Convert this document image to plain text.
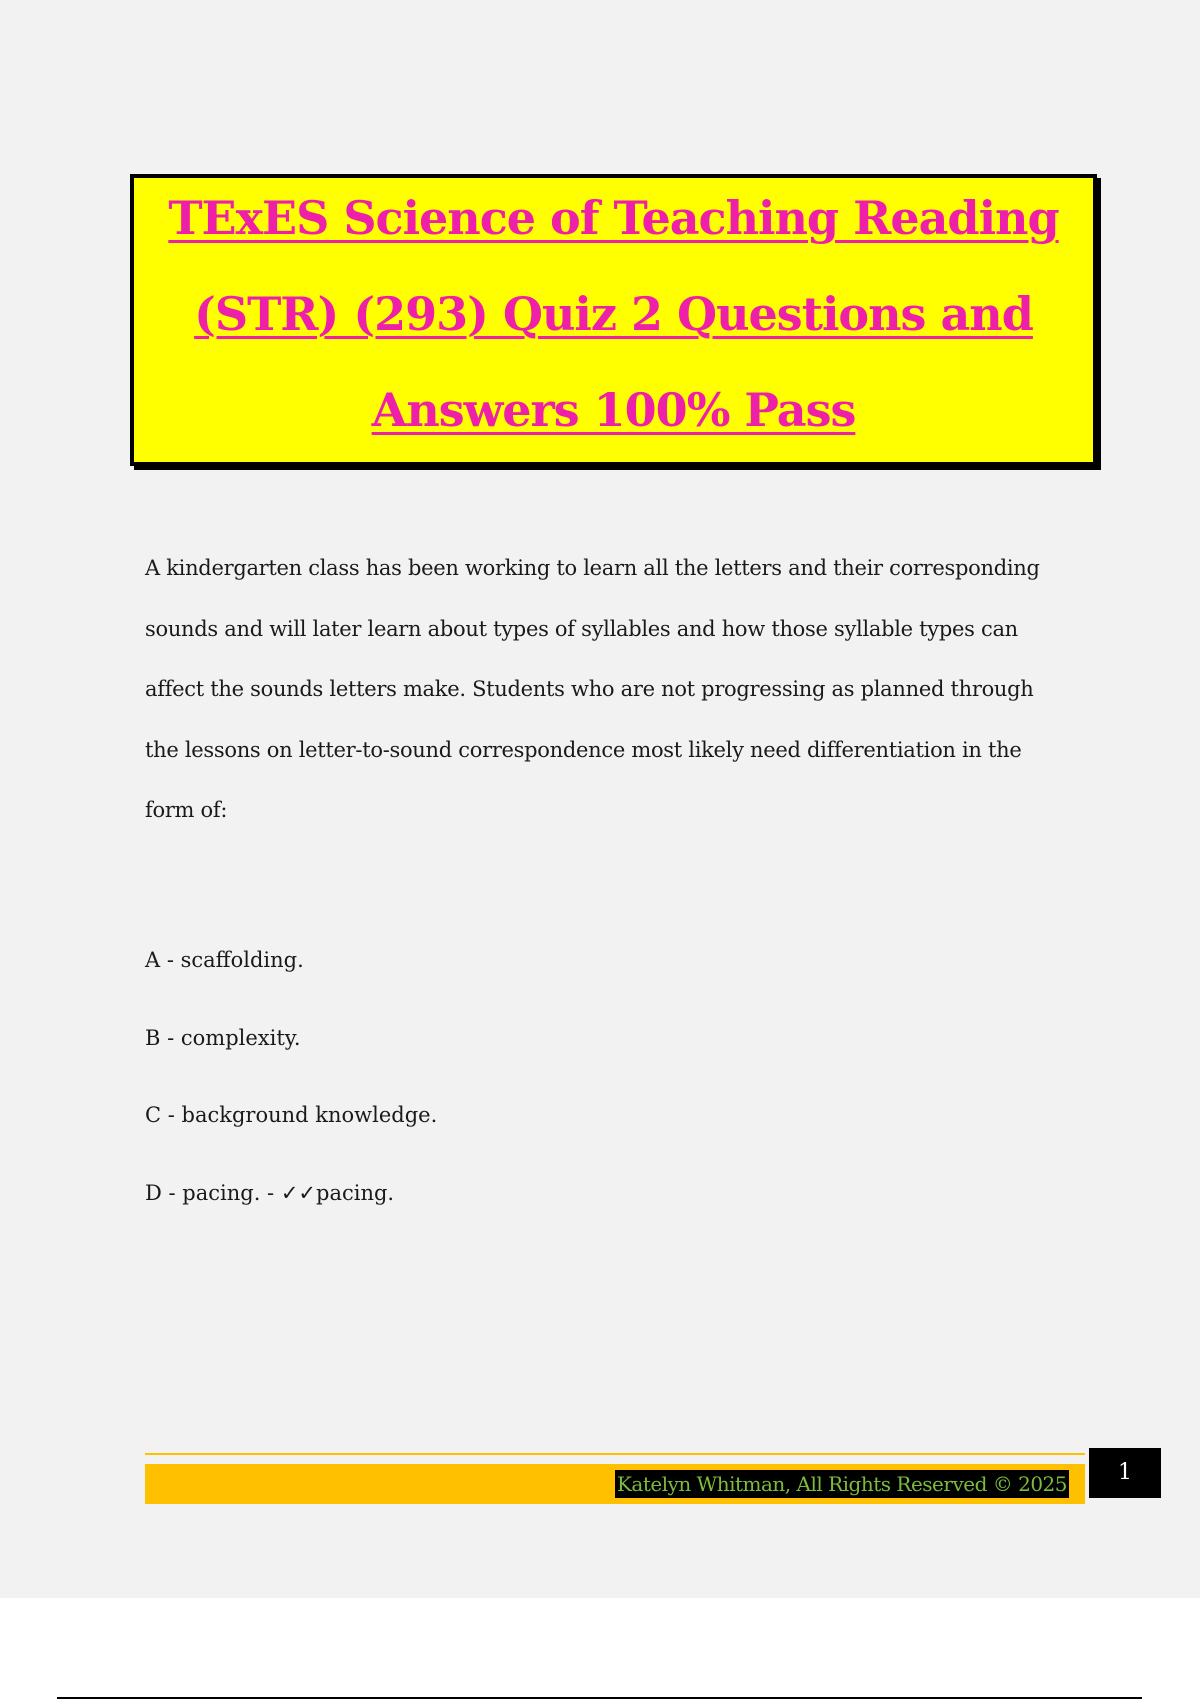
TExES Science of Teaching Reading
(STR) (293) Quiz 2 Questions and
Answers 100% Pass
A kindergarten class has been working to learn all the letters and their corresponding
sounds and will later learn about types of syllables and how those syllable types can
affect the sounds letters make. Students who are not progressing as planned through
the lessons on letter-to-sound correspondence most likely need differentiation in the
form of:
A - scaffolding.
B - complexity.
C - background knowledge.
D - pacing. - ✓✓pacing.
Katelyn Whitman, All Rights Reserved © 2025	1
